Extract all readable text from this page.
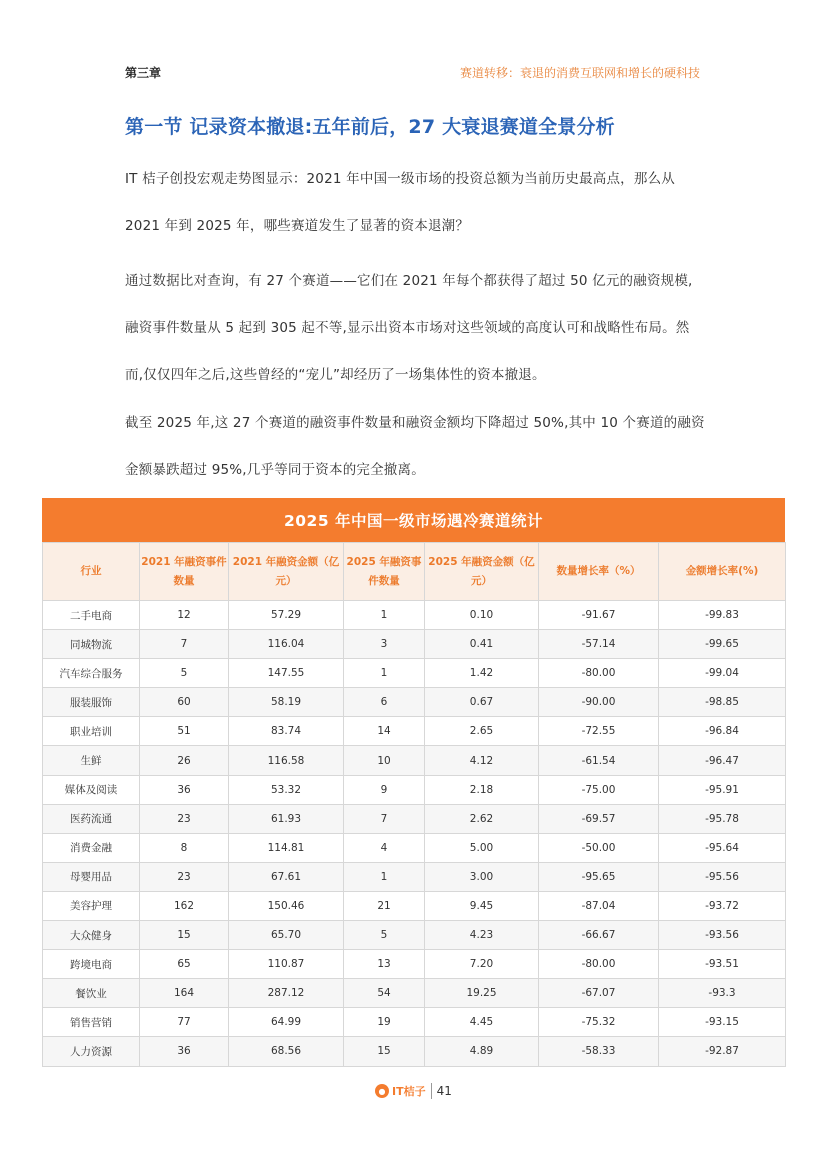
第三章	赛道转移：衰退的消费互联网和增长的硬科技
第一节 记录资本撤退:五年前后，27 大衰退赛道全景分析
IT 桔子创投宏观走势图显示：2021 年中国一级市场的投资总额为当前历史最高点，那么从 2021 年到 2025 年，哪些赛道发生了显著的资本退潮？
通过数据比对查询，有 27 个赛道——它们在 2021 年每个都获得了超过 50 亿元的融资规模,融资事件数量从 5 起到 305 起不等,显示出资本市场对这些领域的高度认可和战略性布局。然而,仅仅四年之后,这些曾经的“宠儿”却经历了一场集体性的资本撤退。
截至 2025 年,这 27 个赛道的融资事件数量和融资金额均下降超过 50%,其中 10 个赛道的融资金额暴跌超过 95%,几乎等同于资本的完全撤离。
2025 年中国一级市场遇冷赛道统计
行业	2021 年融资事件数量	2021 年融资金额（亿元）	2025 年融资事件数量	2025 年融资金额（亿元）	数量增长率（%）	金额增长率(%)
二手电商	12	57.29	1	0.10	-91.67	-99.83
同城物流	7	116.04	3	0.41	-57.14	-99.65
汽车综合服务	5	147.55	1	1.42	-80.00	-99.04
服装服饰	60	58.19	6	0.67	-90.00	-98.85
职业培训	51	83.74	14	2.65	-72.55	-96.84
生鲜	26	116.58	10	4.12	-61.54	-96.47
媒体及阅读	36	53.32	9	2.18	-75.00	-95.91
医药流通	23	61.93	7	2.62	-69.57	-95.78
消费金融	8	114.81	4	5.00	-50.00	-95.64
母婴用品	23	67.61	1	3.00	-95.65	-95.56
美容护理	162	150.46	21	9.45	-87.04	-93.72
大众健身	15	65.70	5	4.23	-66.67	-93.56
跨境电商	65	110.87	13	7.20	-80.00	-93.51
餐饮业	164	287.12	54	19.25	-67.07	-93.3
销售营销	77	64.99	19	4.45	-75.32	-93.15
人力资源	36	68.56	15	4.89	-58.33	-92.87
● IT桔子 41
